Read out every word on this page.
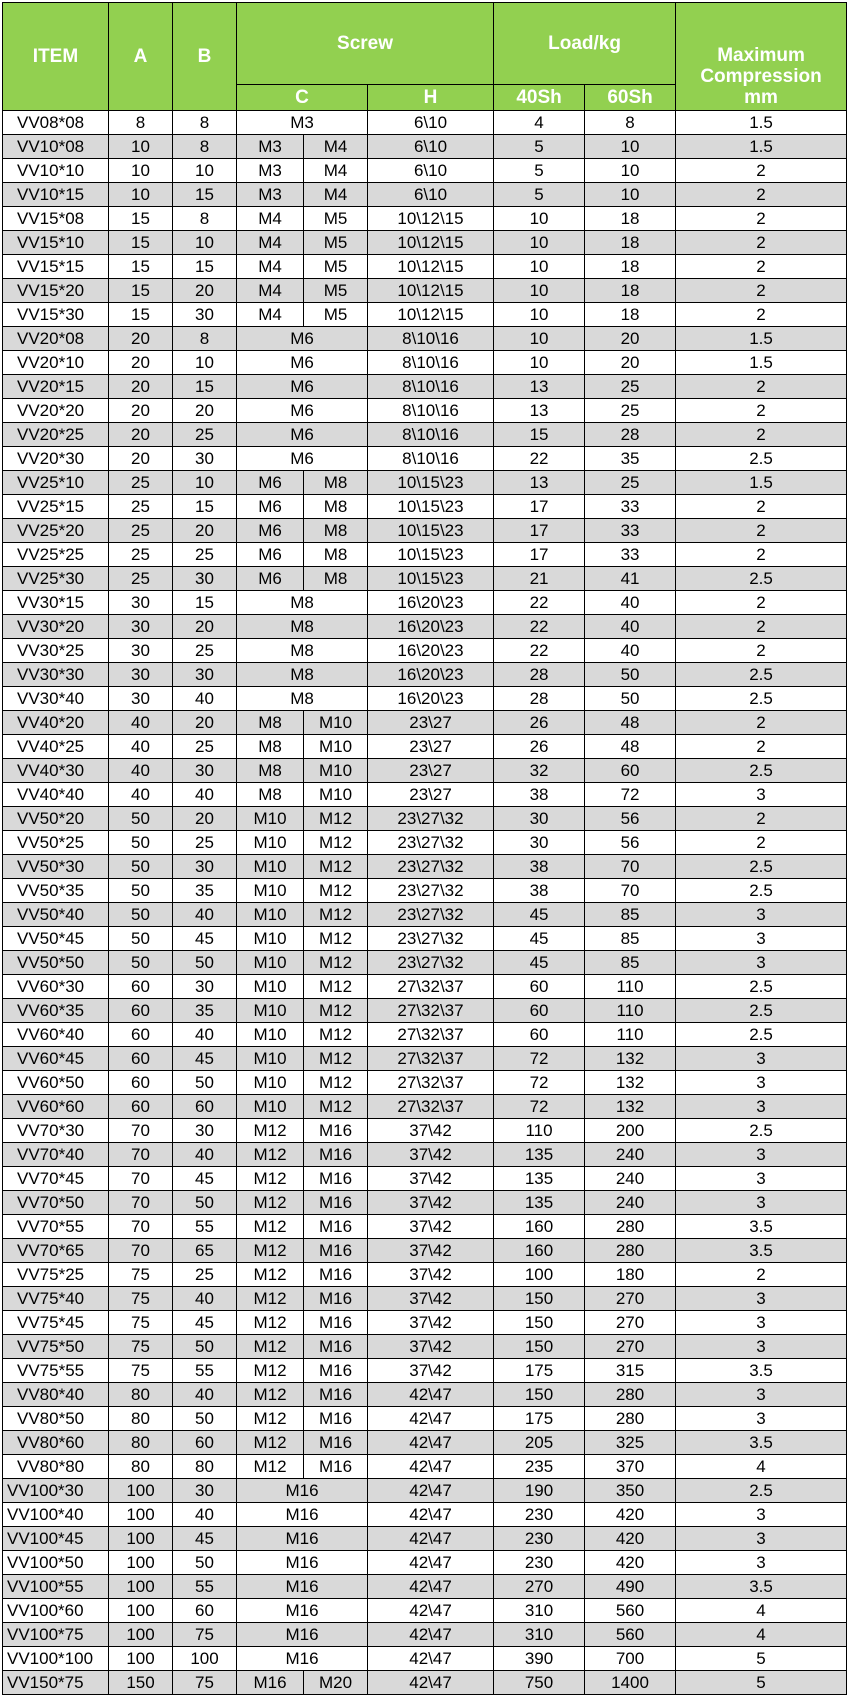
ITEM	A	B	Screw			Load/kg		Maximum
Compression
mm

			C		H	40Sh	60Sh	
VV08*08	8	8	M3		6\10	4	8	1.5
VV10*08	10	8	M3	M4	6\10	5	10	1.5
VV10*10	10	10	M3	M4	6\10	5	10	2
VV10*15	10	15	M3	M4	6\10	5	10	2
VV15*08	15	8	M4	M5	10\12\15	10	18	2
VV15*10	15	10	M4	M5	10\12\15	10	18	2
VV15*15	15	15	M4	M5	10\12\15	10	18	2
VV15*20	15	20	M4	M5	10\12\15	10	18	2
VV15*30	15	30	M4	M5	10\12\15	10	18	2
VV20*08	20	8	M6		8\10\16	10	20	1.5
VV20*10	20	10	M6		8\10\16	10	20	1.5
VV20*15	20	15	M6		8\10\16	13	25	2
VV20*20	20	20	M6		8\10\16	13	25	2
VV20*25	20	25	M6		8\10\16	15	28	2
VV20*30	20	30	M6		8\10\16	22	35	2.5
VV25*10	25	10	M6	M8	10\15\23	13	25	1.5
VV25*15	25	15	M6	M8	10\15\23	17	33	2
VV25*20	25	20	M6	M8	10\15\23	17	33	2
VV25*25	25	25	M6	M8	10\15\23	17	33	2
VV25*30	25	30	M6	M8	10\15\23	21	41	2.5
VV30*15	30	15	M8		16\20\23	22	40	2
VV30*20	30	20	M8		16\20\23	22	40	2
VV30*25	30	25	M8		16\20\23	22	40	2
VV30*30	30	30	M8		16\20\23	28	50	2.5
VV30*40	30	40	M8		16\20\23	28	50	2.5
VV40*20	40	20	M8	M10	23\27	26	48	2
VV40*25	40	25	M8	M10	23\27	26	48	2
VV40*30	40	30	M8	M10	23\27	32	60	2.5
VV40*40	40	40	M8	M10	23\27	38	72	3
VV50*20	50	20	M10	M12	23\27\32	30	56	2
VV50*25	50	25	M10	M12	23\27\32	30	56	2
VV50*30	50	30	M10	M12	23\27\32	38	70	2.5
VV50*35	50	35	M10	M12	23\27\32	38	70	2.5
VV50*40	50	40	M10	M12	23\27\32	45	85	3
VV50*45	50	45	M10	M12	23\27\32	45	85	3
VV50*50	50	50	M10	M12	23\27\32	45	85	3
VV60*30	60	30	M10	M12	27\32\37	60	110	2.5
VV60*35	60	35	M10	M12	27\32\37	60	110	2.5
VV60*40	60	40	M10	M12	27\32\37	60	110	2.5
VV60*45	60	45	M10	M12	27\32\37	72	132	3
VV60*50	60	50	M10	M12	27\32\37	72	132	3
VV60*60	60	60	M10	M12	27\32\37	72	132	3
VV70*30	70	30	M12	M16	37\42	110	200	2.5
VV70*40	70	40	M12	M16	37\42	135	240	3
VV70*45	70	45	M12	M16	37\42	135	240	3
VV70*50	70	50	M12	M16	37\42	135	240	3
VV70*55	70	55	M12	M16	37\42	160	280	3.5
VV70*65	70	65	M12	M16	37\42	160	280	3.5
VV75*25	75	25	M12	M16	37\42	100	180	2
VV75*40	75	40	M12	M16	37\42	150	270	3
VV75*45	75	45	M12	M16	37\42	150	270	3
VV75*50	75	50	M12	M16	37\42	150	270	3
VV75*55	75	55	M12	M16	37\42	175	315	3.5
VV80*40	80	40	M12	M16	42\47	150	280	3
VV80*50	80	50	M12	M16	42\47	175	280	3
VV80*60	80	60	M12	M16	42\47	205	325	3.5
VV80*80	80	80	M12	M16	42\47	235	370	4
VV100*30	100	30	M16		42\47	190	350	2.5
VV100*40	100	40	M16		42\47	230	420	3
VV100*45	100	45	M16		42\47	230	420	3
VV100*50	100	50	M16		42\47	230	420	3
VV100*55	100	55	M16		42\47	270	490	3.5
VV100*60	100	60	M16		42\47	310	560	4
VV100*75	100	75	M16		42\47	310	560	4
VV100*100	100	100	M16		42\47	390	700	5
VV150*75	150	75	M16	M20	42\47	750	1400	5
